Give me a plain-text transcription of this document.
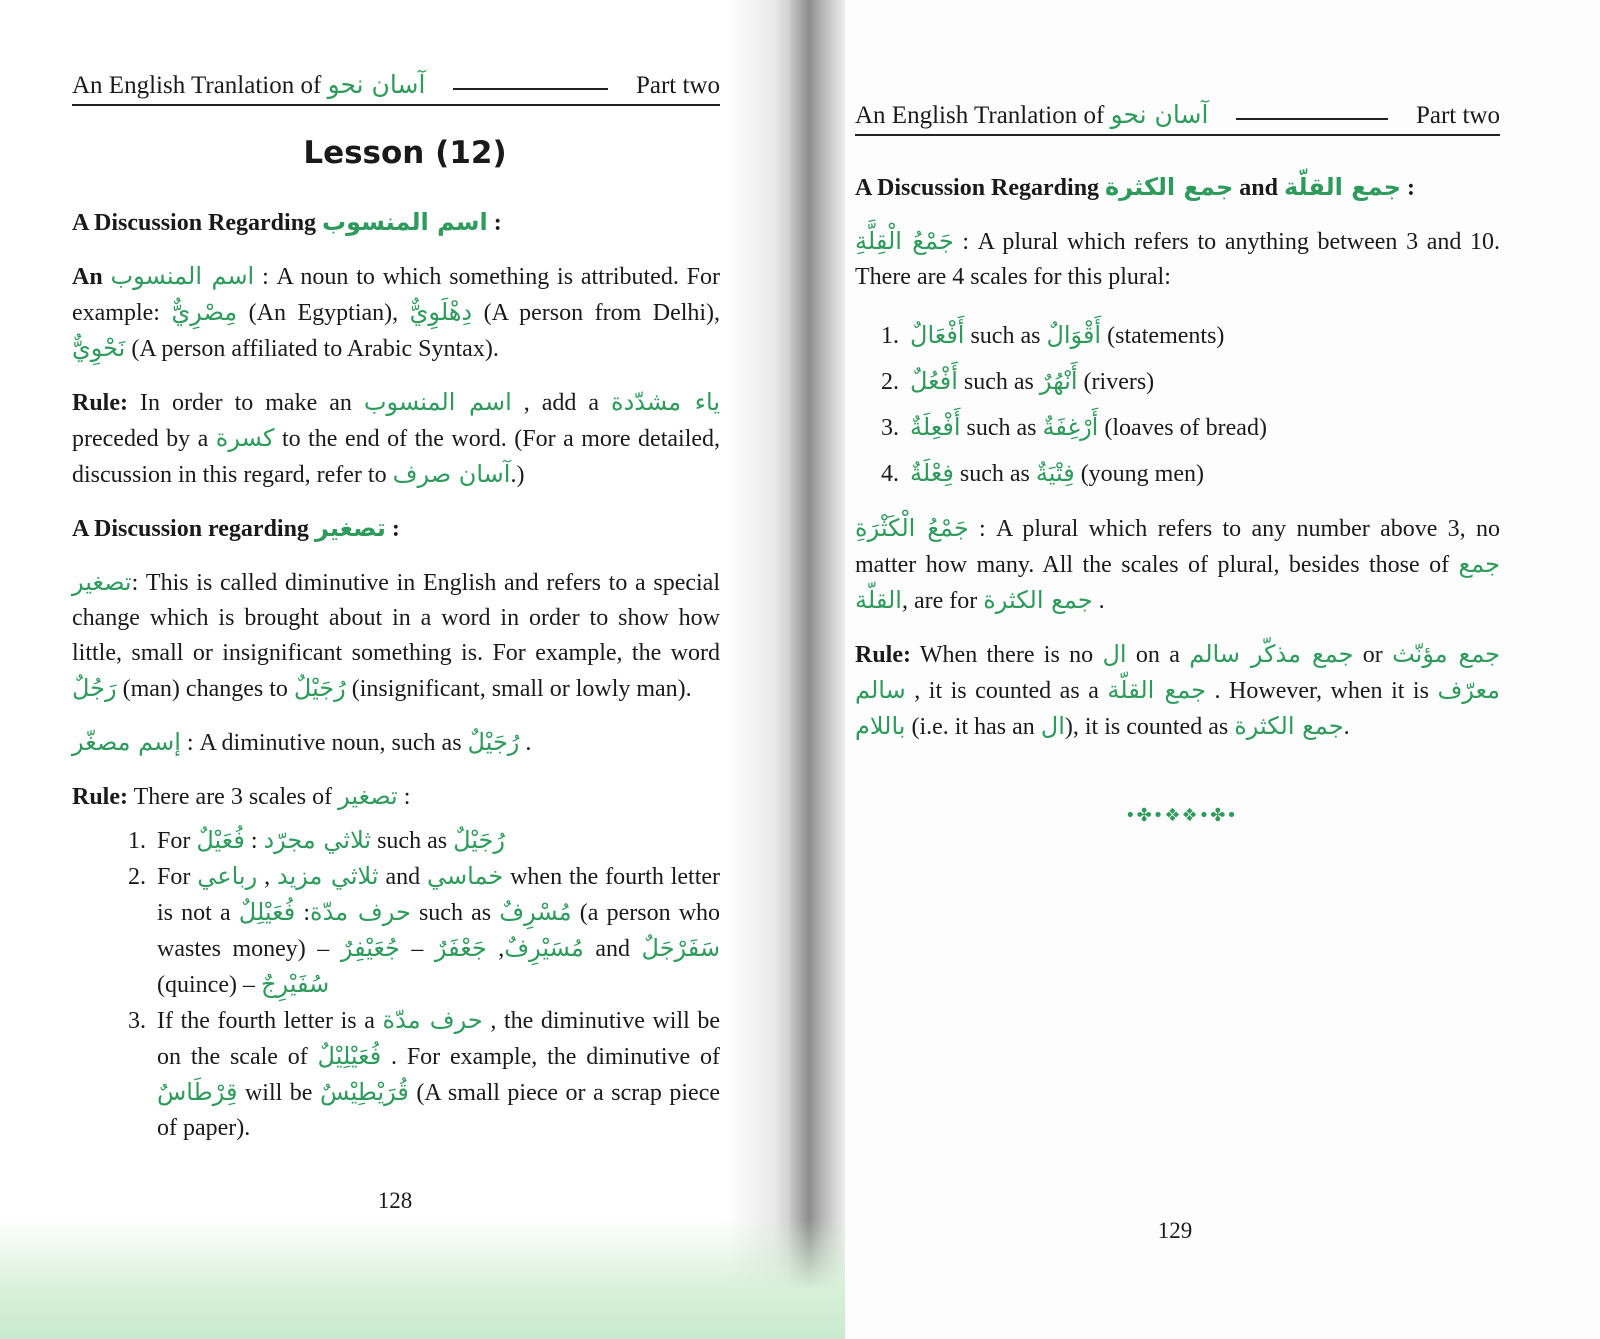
An English Tranlation of آسان نحو	Part two
Lesson (12)

A Discussion Regarding اسم المنسوب :

An اسم المنسوب : A noun to which something is attributed. For example: مِصْرِيٌّ (An Egyptian), دِهْلَوِيٌّ (A person from Delhi), نَحْوِيٌّ (A person affiliated to Arabic Syntax).

Rule: In order to make an اسم المنسوب , add a ياء مشدّدة preceded by a كسرة to the end of the word. (For a more detailed, discussion in this regard, refer to آسان صرف.)

A Discussion regarding تصغير :

تصغير: This is called diminutive in English and refers to a special change which is brought about in a word in order to show how little, small or insignificant something is. For example, the word رَجُلٌ (man) changes to رُجَيْلٌ (insignificant, small or lowly man).

إسم مصغّر : A diminutive noun, such as رُجَيْلٌ .

Rule: There are 3 scales of تصغير :

1. For	ثلاثي مجرّد : فُعَيْلٌ	such as رُجَيْلٌ
2. For	ثلاثي مزيد , رباعي	and خماسي when the fourth letter is not a	حرف مدّة: فُعَيْلِلٌ	such as مُسْرِفٌ (a person who wastes money) –	مُسَيْرِفٌ, جَعْفَرٌ – جُعَيْفِرٌ	and سَفَرْجَلٌ (quince) – سُفَيْرِجٌ
3. If the fourth letter is a حرف مدّة , the diminutive will be on the scale of فُعَيْلِيْلٌ . For example, the diminutive of قِرْطَاسٌ will be قُرَيْطِيْسٌ (A small piece or a scrap piece of paper).
128
An English Tranlation of آسان نحو	Part two

A Discussion Regarding جمع الكثرة and جمع القلّة :

جَمْعُ الْقِلَّةِ : A plural which refers to anything between 3 and 10. There are 4 scales for this plural:

1. أَفْعَالٌ such as أَقْوَالٌ (statements)
2. أَفْعُلٌ such as أَنْهُرٌ (rivers)
3. أَفْعِلَةٌ such as أَرْغِفَةٌ (loaves of bread)
4. فِعْلَةٌ such as فِتْيَةٌ (young men)

جَمْعُ الْكَثْرَةِ : A plural which refers to any number above 3, no matter how many. All the scales of plural, besides those of جمع القلّة, are for جمع الكثرة .

Rule: When there is no ال on a جمع مذكّر سالم or جمع مؤنّث سالم , it is counted as a جمع القلّة . However, when it is معرّف باللام (i.e. it has an ال), it is counted as جمع الكثرة.

129
•✤•❖❖•✤•
